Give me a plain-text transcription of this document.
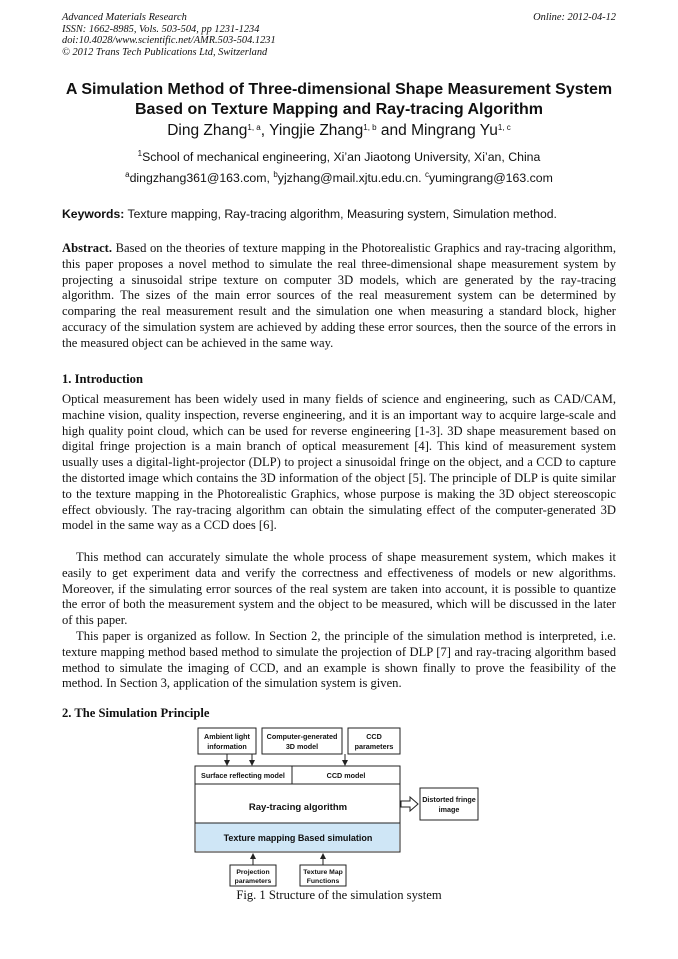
Advanced Materials Research
ISSN: 1662-8985, Vols. 503-504, pp 1231-1234
doi:10.4028/www.scientific.net/AMR.503-504.1231
© 2012 Trans Tech Publications Ltd, Switzerland
Online: 2012-04-12
A Simulation Method of Three-dimensional Shape Measurement System Based on Texture Mapping and Ray-tracing Algorithm
Ding Zhang$^{1, a}$, Yingjie Zhang$^{1, b}$ and Mingrang Yu$^{1, c}$
$^1$School of mechanical engineering, Xi’an Jiaotong University, Xi’an, China
$^a$dingzhang361@163.com, $^b$yjzhang@mail.xjtu.edu.cn. $^c$yumingrang@163.com
Keywords: Texture mapping, Ray-tracing algorithm, Measuring system, Simulation method.

Abstract. Based on the theories of texture mapping in the Photorealistic Graphics and ray-tracing algorithm, this paper proposes a novel method to simulate the real three-dimensional shape measurement system by projecting a sinusoidal stripe texture on computer 3D models, which are generated by the ray-tracing algorithm. The sizes of the main error sources of the real measurement system can be determined by comparing the real measurement result and the simulation one when measuring a standard block, higher accuracy of the simulation system are achieved by adding these error sources, then the source of the errors in the measured object can be achieved in the same way.

1. Introduction

Optical measurement has been widely used in many fields of science and engineering, such as CAD/CAM, machine vision, quality inspection, reverse engineering, and it is an important way to acquire large-scale and high quality point cloud, which can be used for reverse engineering [1-3]. 3D shape measurement based on digital fringe projection is a main branch of optical measurement [4]. This kind of measurement system usually uses a digital-light-projector (DLP) to project a sinusoidal fringe on the object, and a CCD to capture the distorted image which contains the 3D information of the object [5]. The principle of DLP is quite similar to the texture mapping in the Photorealistic Graphics, whose purpose is making the 3D object stereoscopic effect obviously. The ray-tracing algorithm can obtain the simulating effect of the computer-generated 3D model in the same way as a CCD does [6].

This method can accurately simulate the whole process of shape measurement system, which makes it easily to get experiment data and verify the correctness and effectiveness of models or new algorithms. Moreover, if the simulating error sources of the real system are taken into account, it is possible to quantize the error of both the measurement system and the object to be measured, which will be discussed in the later of this paper.

This paper is organized as follow. In Section 2, the principle of the simulation method is interpreted, i.e. texture mapping method based method to simulate the projection of DLP [7] and ray-tracing algorithm based method to simulate the imaging of CCD, and an example is shown finally to prove the feasibility of the method. In Section 3, application of the simulation system is given.

2. The Simulation Principle
Ambient light
information
Computer-generated
3D model
CCD
parameters
Surface reflecting model	CCD model
Ray-tracing algorithm
Texture mapping Based simulation
Distorted fringe
image
Projection
parameters
Texture Map
Functions
Fig. 1 Structure of the simulation system
